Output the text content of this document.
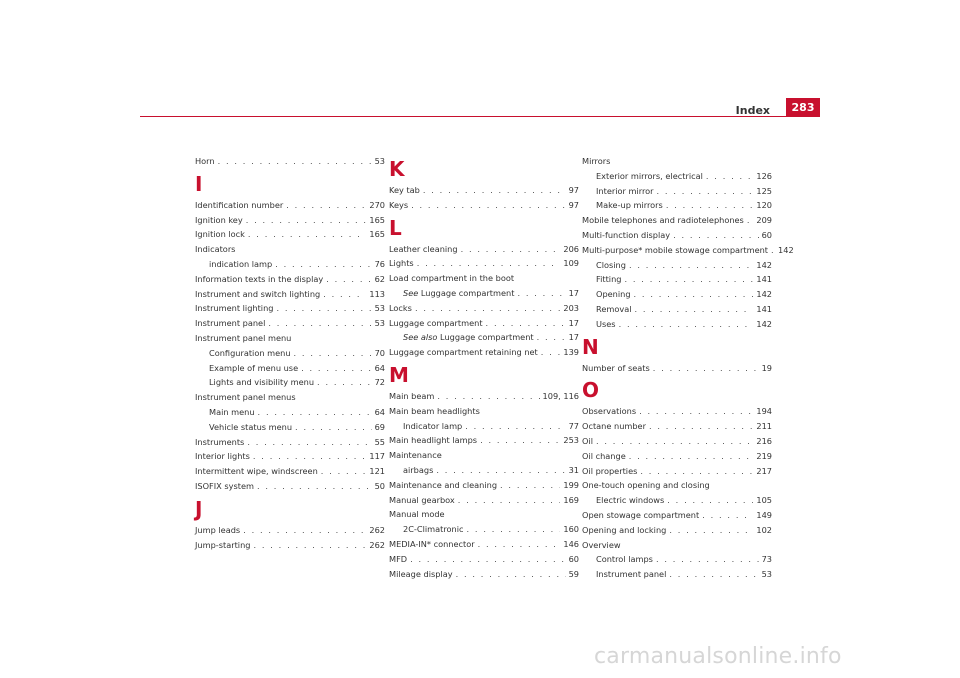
Index	283
Horn . . .	53
I
Identification number . . .	270
Ignition key . . .	165
Ignition lock . . .	165
Indicators
indication lamp . . .	76
Information texts in the display . . .	62
Instrument and switch lighting . . .	113
Instrument lighting . . .	53
Instrument panel . . .	53
Instrument panel menu
Configuration menu . . .	70
Example of menu use . . .	64
Lights and visibility menu . . .	72
Instrument panel menus
Main menu . . .	64
Vehicle status menu . . .	69
Instruments . . .	55
Interior lights . . .	117
Intermittent wipe, windscreen . . .	121
ISOFIX system . . .	50
J
Jump leads . . .	262
Jump-starting . . .	262
K
Key tab . . .	97
Keys . . .	97
L
Leather cleaning . . .	206
Lights . . .	109
Load compartment in the boot
See Luggage compartment . . .	17
Locks . . .	203
Luggage compartment . . .	17
See also Luggage compartment . . .	17
Luggage compartment retaining net . . .	139
M
Main beam . . .	109, 116
Main beam headlights
Indicator lamp . . .	77
Main headlight lamps . . .	253
Maintenance
airbags . . .	31
Maintenance and cleaning . . .	199
Manual gearbox . . .	169
Manual mode
2C-Climatronic . . .	160
MEDIA-IN* connector . . .	146
MFD . . .	60
Mileage display . . .	59
Mirrors
Exterior mirrors, electrical . . .	126
Interior mirror . . .	125
Make-up mirrors . . .	120
Mobile telephones and radiotelephones . . . 209
Multi-function display . . .	60
Multi-purpose* mobile stowage compartment . . . 142
Closing . . .	142
Fitting . . .	141
Opening . . .	142
Removal . . .	141
Uses . . .	142
N
Number of seats . . .	19
O
Observations . . .	194
Octane number . . .	211
Oil . . .	216
Oil change . . .	219
Oil properties . . .	217
One-touch opening and closing
Electric windows . . .	105
Open stowage compartment . . .	149
Opening and locking . . .	102
Overview
Control lamps . . .	73
Instrument panel . . .	53
carmanualsonline.info
